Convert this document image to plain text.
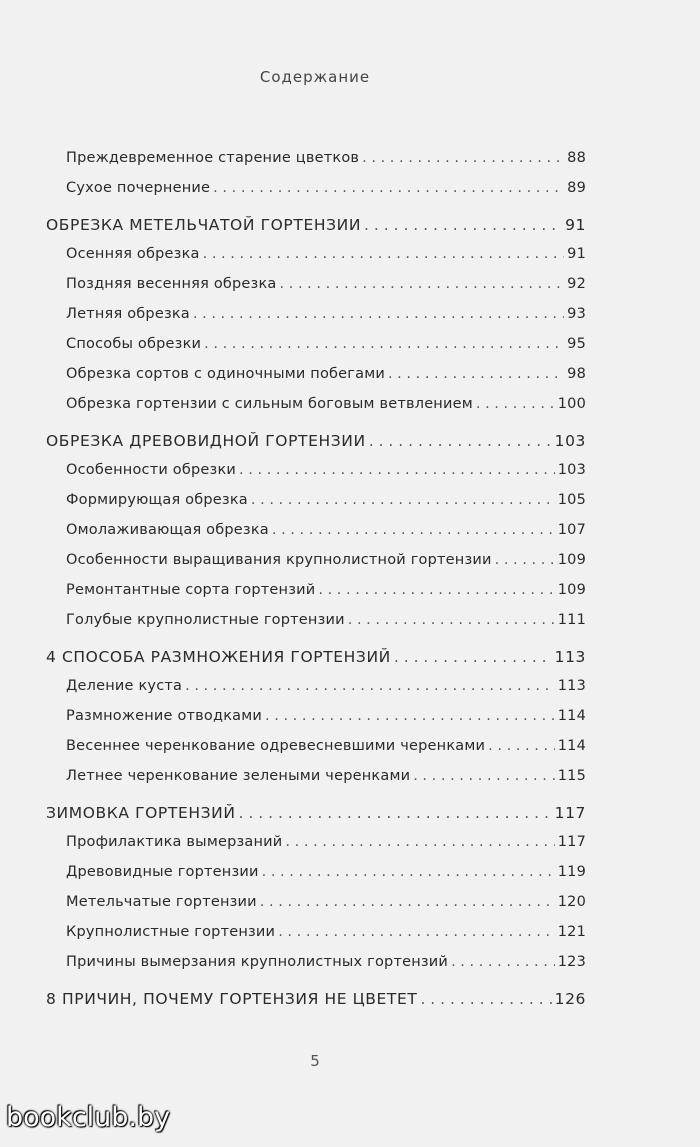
Содержание
Преждевременное старение цветков . . .	88
Сухое почернение . . .	89
ОБРЕЗКА МЕТЕЛЬЧАТОЙ ГОРТЕНЗИИ . . .	91
Осенняя обрезка . . .	91
Поздняя весенняя обрезка . . .	92
Летняя обрезка . . .	93
Способы обрезки . . .	95
Обрезка сортов с одиночными побегами . . .	98
Обрезка гортензии с сильным боговым ветвлением . . .	100
ОБРЕЗКА ДРЕВОВИДНОЙ ГОРТЕНЗИИ . . .	103
Особенности обрезки . . .	103
Формирующая обрезка . . .	105
Омолаживающая обрезка . . .	107
Особенности выращивания крупнолистной гортензии . . .	109
Ремонтантные сорта гортензий . . .	109
Голубые крупнолистные гортензии . . .	111
4 СПОСОБА РАЗМНОЖЕНИЯ ГОРТЕНЗИЙ . . .	113
Деление куста . . .	113
Размножение отводками . . .	114
Весеннее черенкование одревесневшими черенками . . .	114
Летнее черенкование зелеными черенками . . .	115
ЗИМОВКА ГОРТЕНЗИЙ . . .	117
Профилактика вымерзаний . . .	117
Древовидные гортензии . . .	119
Метельчатые гортензии . . .	120
Крупнолистные гортензии . . .	121
Причины вымерзания крупнолистных гортензий . . .	123
8 ПРИЧИН, ПОЧЕМУ ГОРТЕНЗИЯ НЕ ЦВЕТЕТ . . .	126
5
bookclub.by
